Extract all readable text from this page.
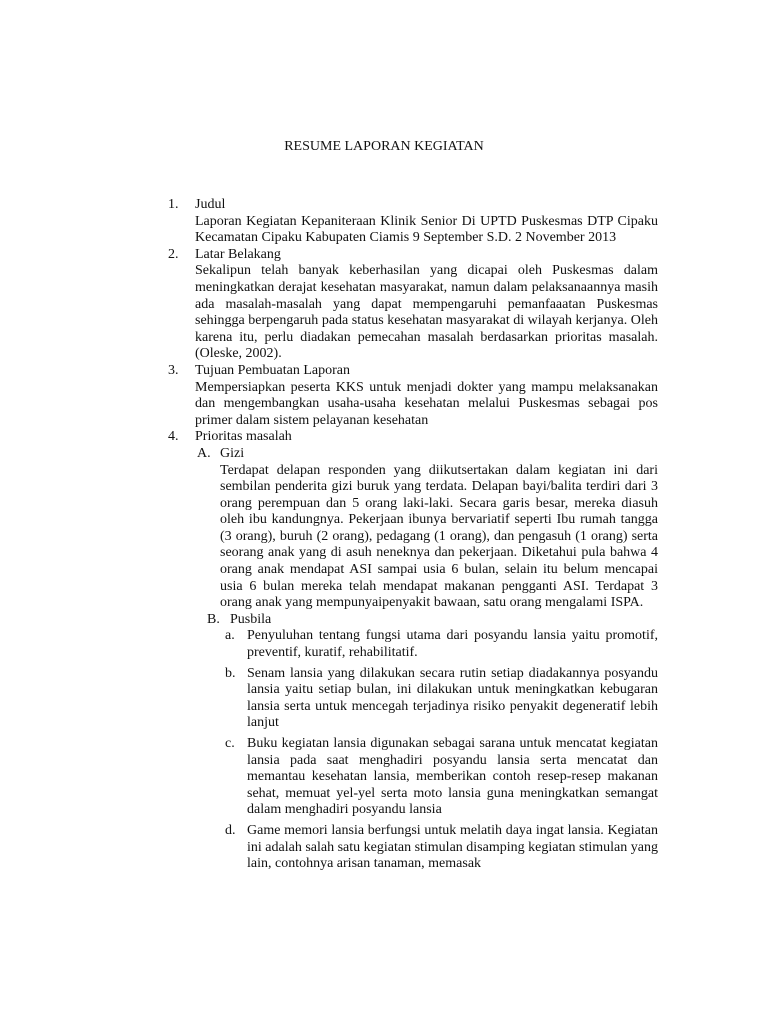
RESUME LAPORAN KEGIATAN
1. Judul
Laporan Kegiatan Kepaniteraan Klinik Senior Di UPTD Puskesmas DTP Cipaku Kecamatan Cipaku Kabupaten Ciamis 9 September S.D. 2 November 2013
2. Latar Belakang
Sekalipun telah banyak keberhasilan yang dicapai oleh Puskesmas dalam meningkatkan derajat kesehatan masyarakat, namun dalam pelaksanaannya masih ada masalah-masalah yang dapat mempengaruhi pemanfaaatan Puskesmas sehingga berpengaruh pada status kesehatan masyarakat di wilayah kerjanya. Oleh karena itu, perlu diadakan pemecahan masalah berdasarkan prioritas masalah. (Oleske, 2002).
3. Tujuan Pembuatan Laporan
Mempersiapkan peserta KKS untuk menjadi dokter yang mampu melaksanakan dan mengembangkan usaha-usaha kesehatan melalui Puskesmas sebagai pos primer dalam sistem pelayanan kesehatan
4. Prioritas masalah
A. Gizi
Terdapat delapan responden yang diikutsertakan dalam kegiatan ini dari sembilan penderita gizi buruk yang terdata. Delapan bayi/balita terdiri dari 3 orang perempuan dan 5 orang laki-laki. Secara garis besar, mereka diasuh oleh ibu kandungnya. Pekerjaan ibunya bervariatif seperti Ibu rumah tangga (3 orang), buruh (2 orang), pedagang (1 orang), dan pengasuh (1 orang) serta seorang anak yang di asuh neneknya dan pekerjaan. Diketahui pula bahwa 4 orang anak mendapat ASI sampai usia 6 bulan, selain itu belum mencapai usia 6 bulan mereka telah mendapat makanan pengganti ASI. Terdapat 3 orang anak yang mempunyaipenyakit bawaan, satu orang mengalami ISPA.
B. Pusbila
a. Penyuluhan tentang fungsi utama dari posyandu lansia yaitu promotif, preventif, kuratif, rehabilitatif.
b. Senam lansia yang dilakukan secara rutin setiap diadakannya posyandu lansia yaitu setiap bulan, ini dilakukan untuk meningkatkan kebugaran lansia serta untuk mencegah terjadinya risiko penyakit degeneratif lebih lanjut
c. Buku kegiatan lansia digunakan sebagai sarana untuk mencatat kegiatan lansia pada saat menghadiri posyandu lansia serta mencatat dan memantau kesehatan lansia, memberikan contoh resep-resep makanan sehat, memuat yel-yel serta moto lansia guna meningkatkan semangat dalam menghadiri posyandu lansia
d. Game memori lansia berfungsi untuk melatih daya ingat lansia. Kegiatan ini adalah salah satu kegiatan stimulan disamping kegiatan stimulan yang lain, contohnya arisan tanaman, memasak
